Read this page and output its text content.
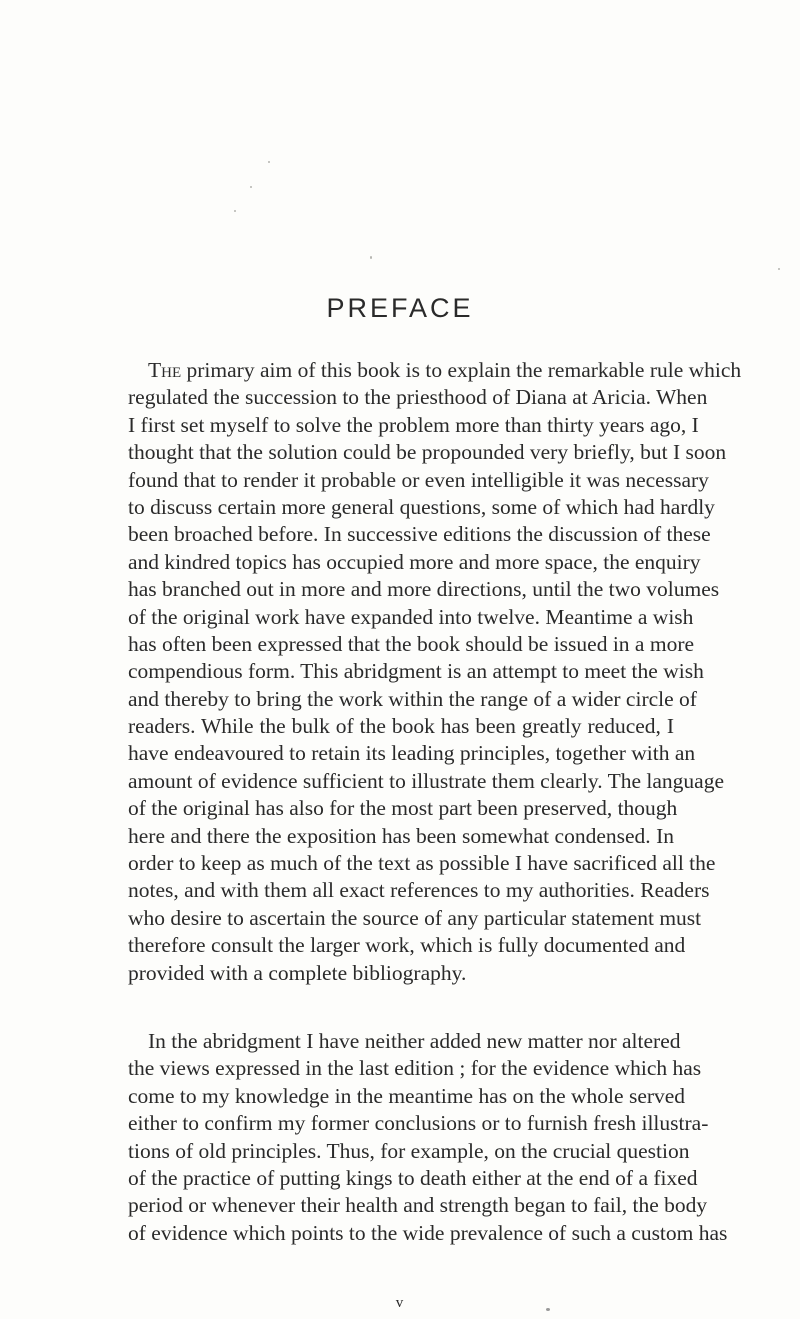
PREFACE
The primary aim of this book is to explain the remarkable rule which
regulated the succession to the priesthood of Diana at Aricia. When
I first set myself to solve the problem more than thirty years ago, I
thought that the solution could be propounded very briefly, but I soon
found that to render it probable or even intelligible it was necessary
to discuss certain more general questions, some of which had hardly
been broached before. In successive editions the discussion of these
and kindred topics has occupied more and more space, the enquiry
has branched out in more and more directions, until the two volumes
of the original work have expanded into twelve. Meantime a wish
has often been expressed that the book should be issued in a more
compendious form. This abridgment is an attempt to meet the wish
and thereby to bring the work within the range of a wider circle of
readers. While the bulk of the book has been greatly reduced, I
have endeavoured to retain its leading principles, together with an
amount of evidence sufficient to illustrate them clearly. The language
of the original has also for the most part been preserved, though
here and there the exposition has been somewhat condensed. In
order to keep as much of the text as possible I have sacrificed all the
notes, and with them all exact references to my authorities. Readers
who desire to ascertain the source of any particular statement must
therefore consult the larger work, which is fully documented and
provided with a complete bibliography.
In the abridgment I have neither added new matter nor altered
the views expressed in the last edition ; for the evidence which has
come to my knowledge in the meantime has on the whole served
either to confirm my former conclusions or to furnish fresh illustra-
tions of old principles. Thus, for example, on the crucial question
of the practice of putting kings to death either at the end of a fixed
period or whenever their health and strength began to fail, the body
of evidence which points to the wide prevalence of such a custom has
v
